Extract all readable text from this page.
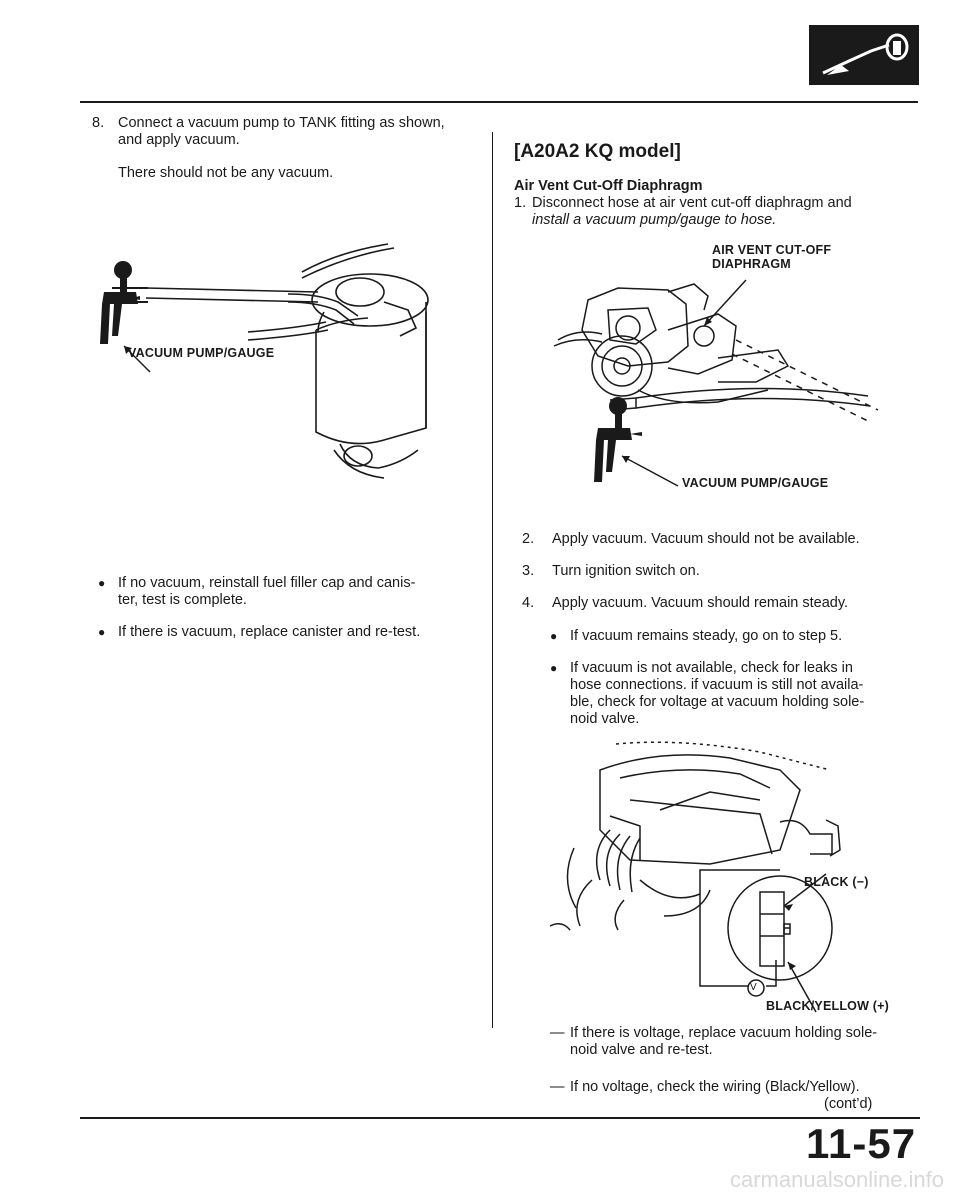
8. Connect a vacuum pump to TANK fitting as shown,
and apply vacuum.
There should not be any vacuum.
VACUUM PUMP/GAUGE
● If no vacuum, reinstall fuel filler cap and canis-
ter, test is complete.
● If there is vacuum, replace canister and re-test.
[A20A2 KQ model]
Air Vent Cut-Off Diaphragm
1. Disconnect hose at air vent cut-off diaphragm and
install a vacuum pump/gauge to hose.
AIR VENT CUT-OFF
DIAPHRAGM
VACUUM PUMP/GAUGE
2. Apply vacuum. Vacuum should not be available.
3. Turn ignition switch on.
4. Apply vacuum. Vacuum should remain steady.
● If vacuum remains steady, go on to step 5.
● If vacuum is not available, check for leaks in
hose connections. if vacuum is still not availa-
ble, check for voltage at vacuum holding sole-
noid valve.
V
BLACK (−)
BLACK/YELLOW (+)
— If there is voltage, replace vacuum holding sole-
noid valve and re-test.
— If no voltage, check the wiring (Black/Yellow).
(cont’d)
11-57
carmanualsonline.info
